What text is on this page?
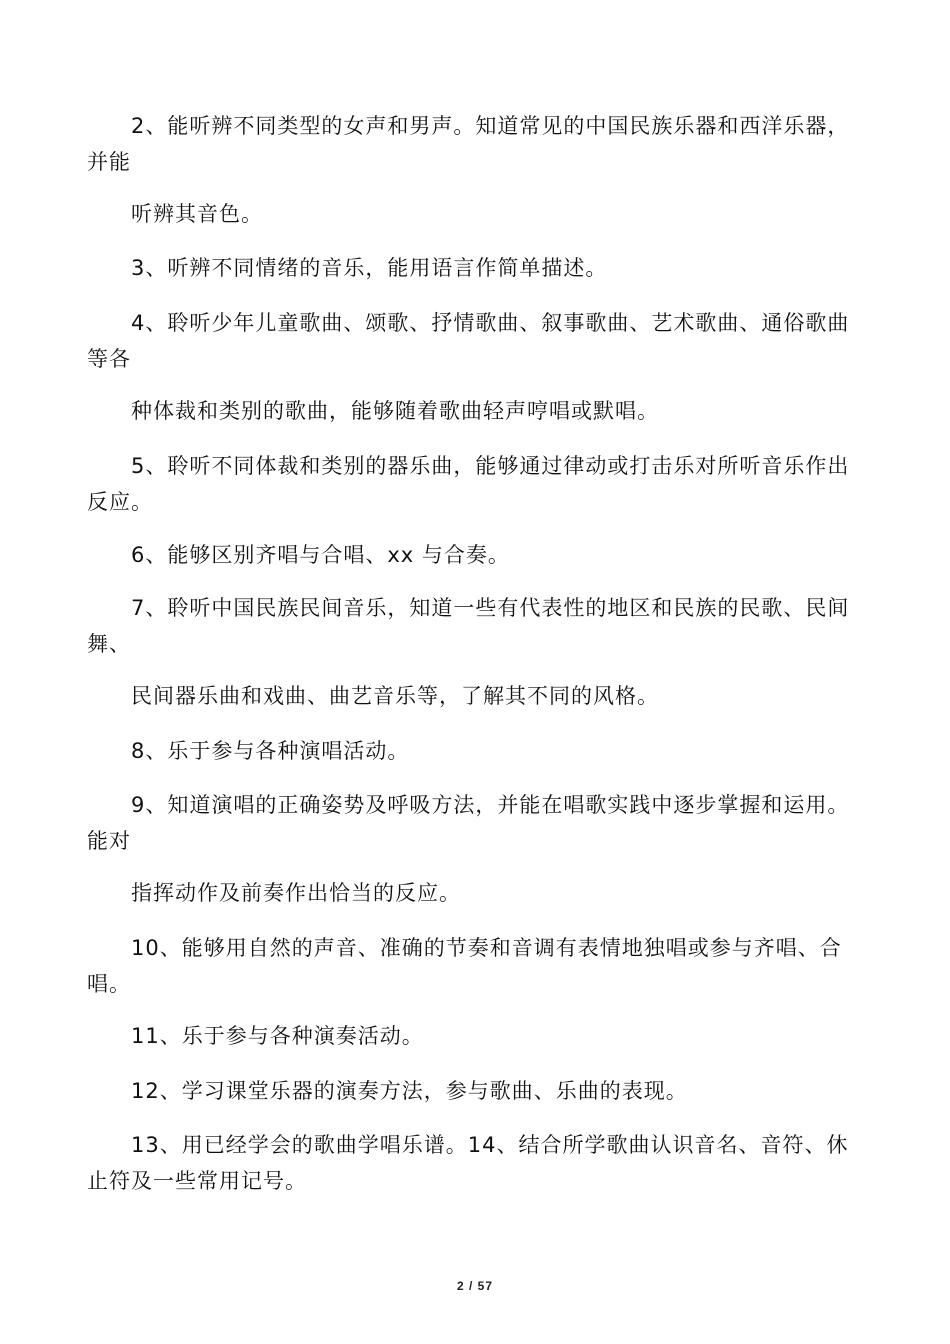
2、能听辨不同类型的女声和男声。知道常见的中国民族乐器和西洋乐器，并能

听辨其音色。

3、听辨不同情绪的音乐，能用语言作简单描述。

4、聆听少年儿童歌曲、颂歌、抒情歌曲、叙事歌曲、艺术歌曲、通俗歌曲等各

种体裁和类别的歌曲，能够随着歌曲轻声哼唱或默唱。

5、聆听不同体裁和类别的器乐曲，能够通过律动或打击乐对所听音乐作出反应。

6、能够区别齐唱与合唱、xx 与合奏。

7、聆听中国民族民间音乐，知道一些有代表性的地区和民族的民歌、民间舞、

民间器乐曲和戏曲、曲艺音乐等，了解其不同的风格。

8、乐于参与各种演唱活动。

9、知道演唱的正确姿势及呼吸方法，并能在唱歌实践中逐步掌握和运用。能对

指挥动作及前奏作出恰当的反应。

10、能够用自然的声音、准确的节奏和音调有表情地独唱或参与齐唱、合唱。

11、乐于参与各种演奏活动。

12、学习课堂乐器的演奏方法，参与歌曲、乐曲的表现。

13、用已经学会的歌曲学唱乐谱。14、结合所学歌曲认识音名、音符、休止符及一些常用记号。

2 / 57
